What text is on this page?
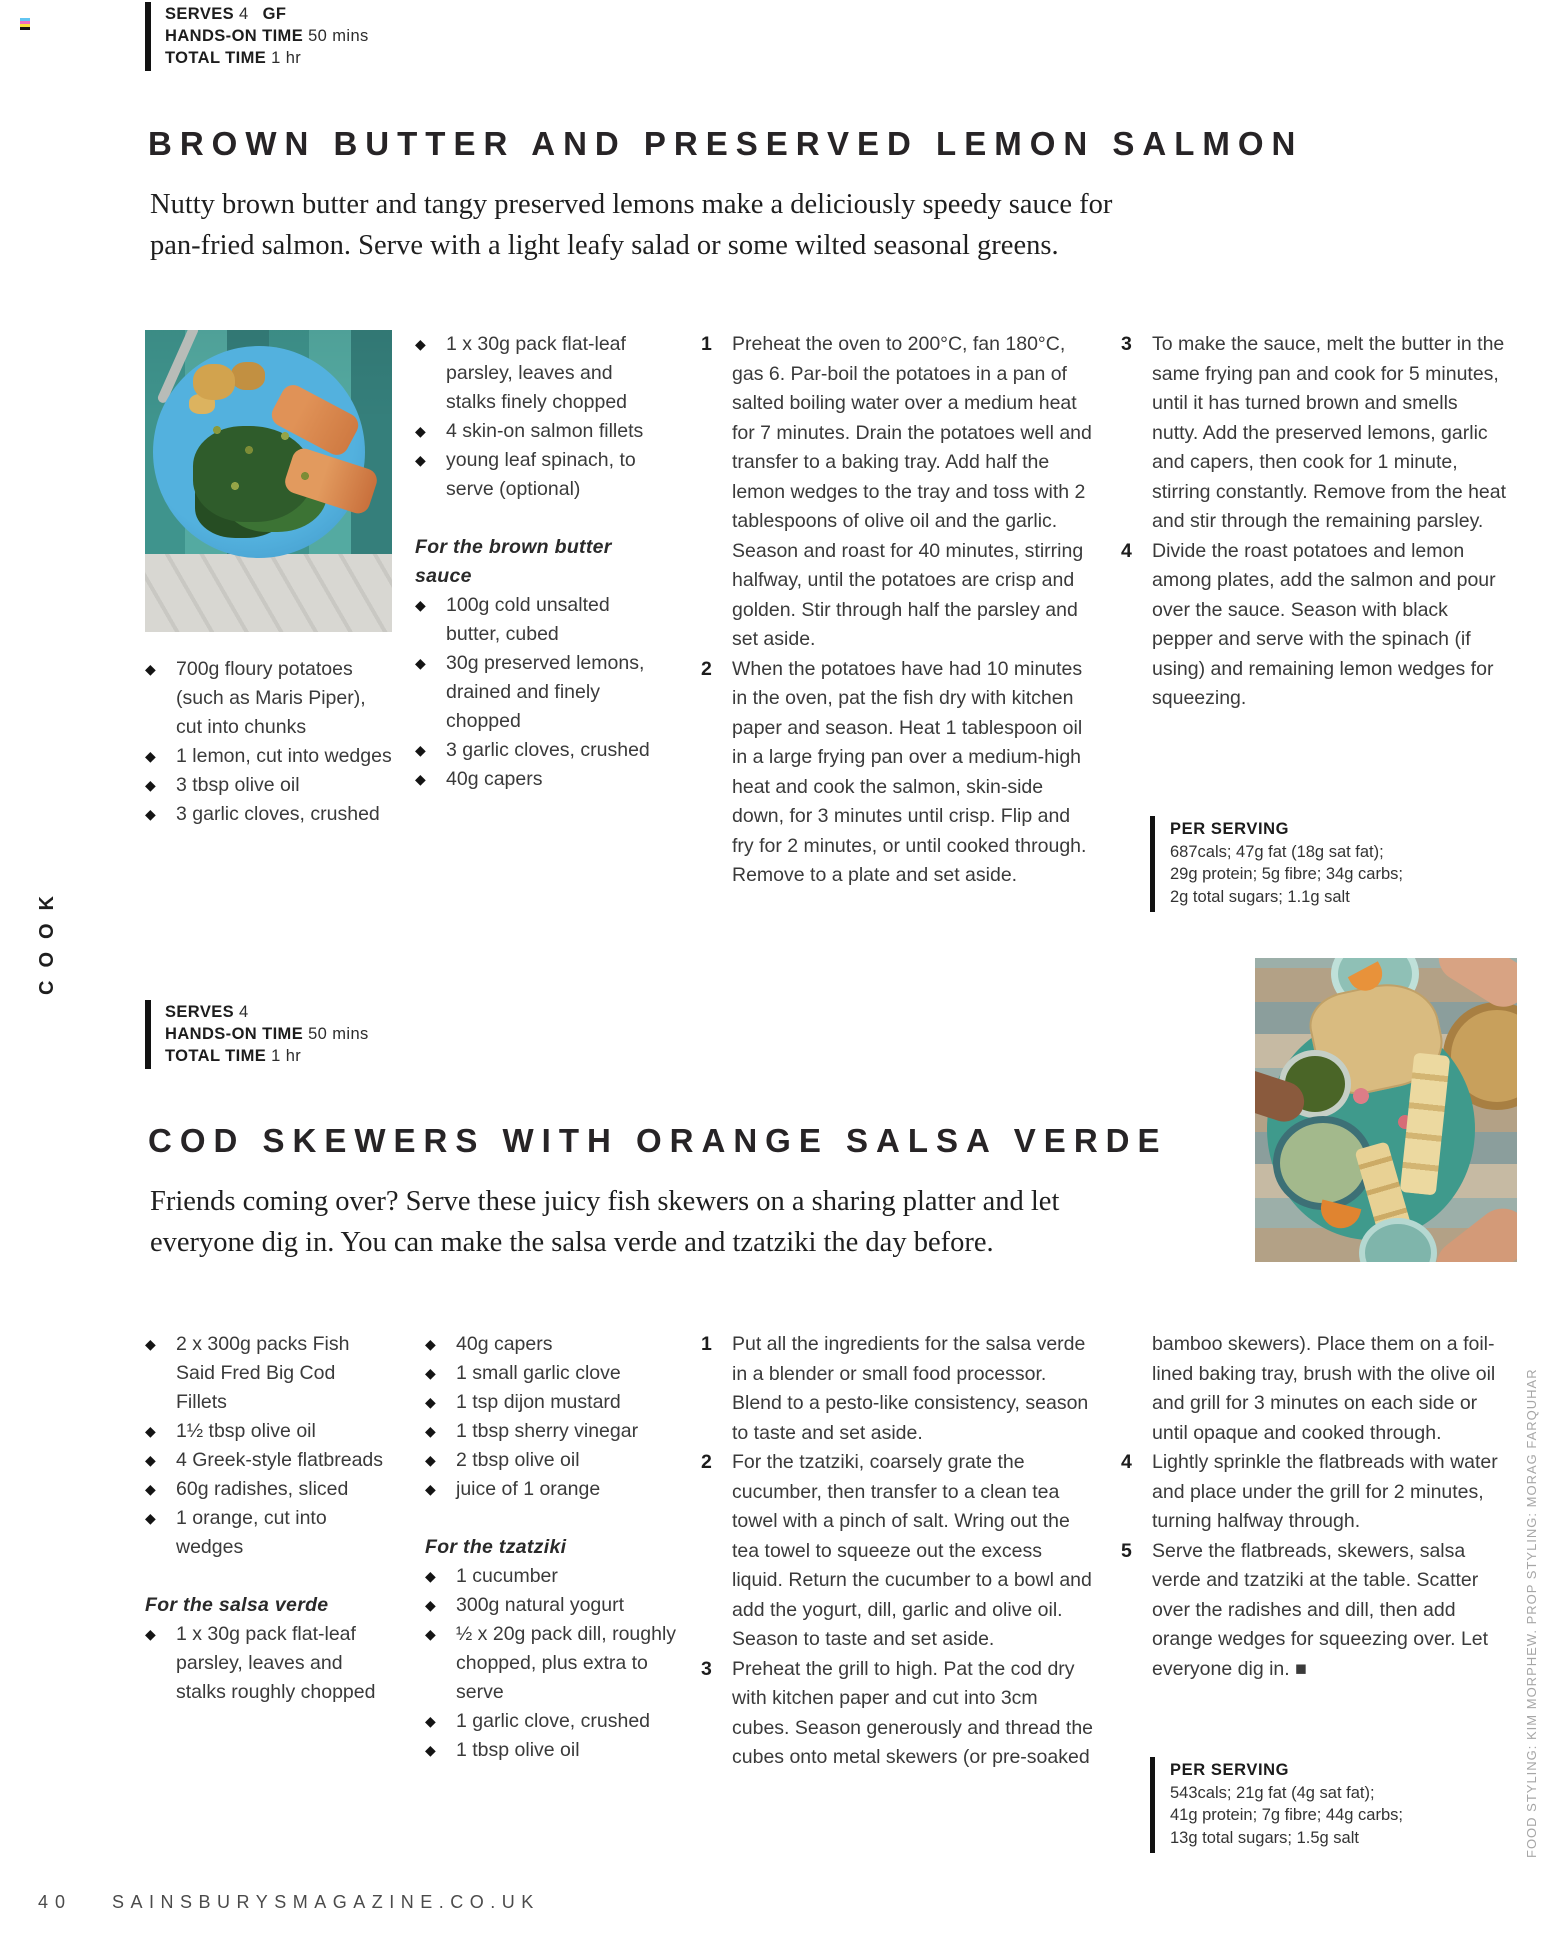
SERVES 4 GF
HANDS-ON TIME 50 mins
TOTAL TIME 1 hr
BROWN BUTTER AND PRESERVED LEMON SALMON
Nutty brown butter and tangy preserved lemons make a deliciously speedy sauce for
pan-fried salmon. Serve with a light leafy salad or some wilted seasonal greens.
◆ 700g floury potatoes (such as Maris Piper), cut into chunks
◆ 1 lemon, cut into wedges
◆ 3 tbsp olive oil
◆ 3 garlic cloves, crushed
◆ 1 x 30g pack flat-leaf parsley, leaves and stalks finely chopped
◆ 4 skin-on salmon fillets
◆ young leaf spinach, to serve (optional)
For the brown butter sauce
◆ 100g cold unsalted butter, cubed
◆ 30g preserved lemons, drained and finely chopped
◆ 3 garlic cloves, crushed
◆ 40g capers
1 Preheat the oven to 200°C, fan 180°C, gas 6. Par-boil the potatoes in a pan of salted boiling water over a medium heat for 7 minutes. Drain the potatoes well and transfer to a baking tray. Add half the lemon wedges to the tray and toss with 2 tablespoons of olive oil and the garlic. Season and roast for 40 minutes, stirring halfway, until the potatoes are crisp and golden. Stir through half the parsley and set aside.
2 When the potatoes have had 10 minutes in the oven, pat the fish dry with kitchen paper and season. Heat 1 tablespoon oil in a large frying pan over a medium-high heat and cook the salmon, skin-side down, for 3 minutes until crisp. Flip and fry for 2 minutes, or until cooked through. Remove to a plate and set aside.
3 To make the sauce, melt the butter in the same frying pan and cook for 5 minutes, until it has turned brown and smells nutty. Add the preserved lemons, garlic and capers, then cook for 1 minute, stirring constantly. Remove from the heat and stir through the remaining parsley.
4 Divide the roast potatoes and lemon among plates, add the salmon and pour over the sauce. Season with black pepper and serve with the spinach (if using) and remaining lemon wedges for squeezing.
PER SERVING
687cals; 47g fat (18g sat fat);
29g protein; 5g fibre; 34g carbs;
2g total sugars; 1.1g salt
COOK
SERVES 4
HANDS-ON TIME 50 mins
TOTAL TIME 1 hr
COD SKEWERS WITH ORANGE SALSA VERDE
Friends coming over? Serve these juicy fish skewers on a sharing platter and let
everyone dig in. You can make the salsa verde and tzatziki the day before.
◆ 2 x 300g packs Fish Said Fred Big Cod Fillets
◆ 1½ tbsp olive oil
◆ 4 Greek-style flatbreads
◆ 60g radishes, sliced
◆ 1 orange, cut into wedges
For the salsa verde
◆ 1 x 30g pack flat-leaf parsley, leaves and stalks roughly chopped
◆ 40g capers
◆ 1 small garlic clove
◆ 1 tsp dijon mustard
◆ 1 tbsp sherry vinegar
◆ 2 tbsp olive oil
◆ juice of 1 orange
For the tzatziki
◆ 1 cucumber
◆ 300g natural yogurt
◆ ½ x 20g pack dill, roughly chopped, plus extra to serve
◆ 1 garlic clove, crushed
◆ 1 tbsp olive oil
1 Put all the ingredients for the salsa verde in a blender or small food processor. Blend to a pesto-like consistency, season to taste and set aside.
2 For the tzatziki, coarsely grate the cucumber, then transfer to a clean tea towel with a pinch of salt. Wring out the tea towel to squeeze out the excess liquid. Return the cucumber to a bowl and add the yogurt, dill, garlic and olive oil. Season to taste and set aside.
3 Preheat the grill to high. Pat the cod dry with kitchen paper and cut into 3cm cubes. Season generously and thread the cubes onto metal skewers (or pre-soaked
bamboo skewers). Place them on a foil-lined baking tray, brush with the olive oil and grill for 3 minutes on each side or until opaque and cooked through.
4 Lightly sprinkle the flatbreads with water and place under the grill for 2 minutes, turning halfway through.
5 Serve the flatbreads, skewers, salsa verde and tzatziki at the table. Scatter over the radishes and dill, then add orange wedges for squeezing over. Let everyone dig in. ■
PER SERVING
543cals; 21g fat (4g sat fat);
41g protein; 7g fibre; 44g carbs;
13g total sugars; 1.5g salt	FOOD STYLING: KIM MORPHEW. PROP STYLING: MORAG FARQUHAR
40 SAINSBURYSMAGAZINE.CO.UK
